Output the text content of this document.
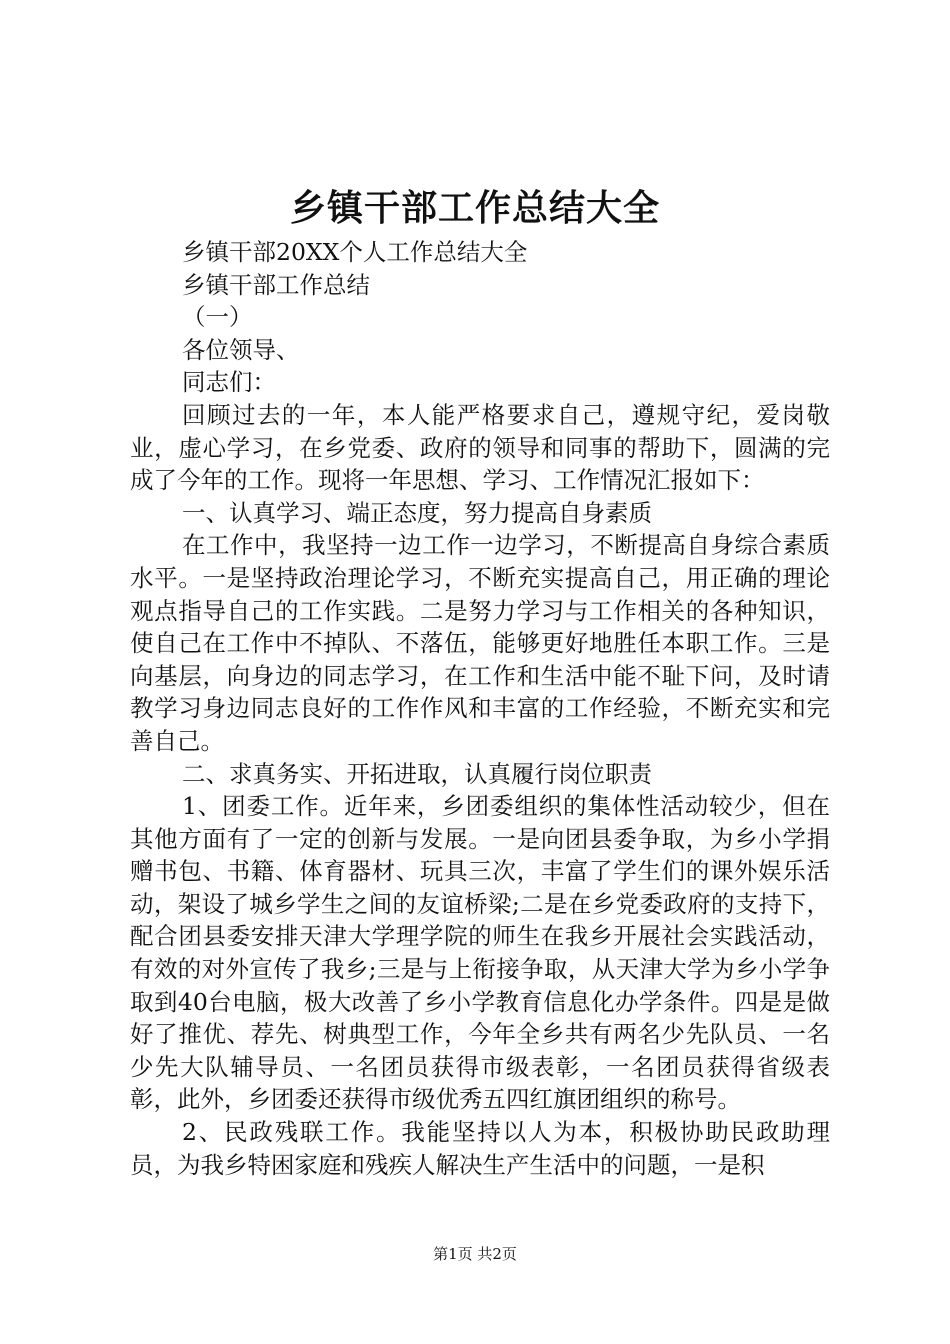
乡镇干部工作总结大全
乡镇干部20XX个人工作总结大全
乡镇干部工作总结
（一）
各位领导、
同志们：

回顾过去的一年，本人能严格要求自己，遵规守纪，爱岗敬业，虚心学习，在乡党委、政府的领导和同事的帮助下，圆满的完成了今年的工作。现将一年思想、学习、工作情况汇报如下：

一、认真学习、端正态度，努力提高自身素质

在工作中，我坚持一边工作一边学习，不断提高自身综合素质水平。一是坚持政治理论学习，不断充实提高自己，用正确的理论观点指导自己的工作实践。二是努力学习与工作相关的各种知识，使自己在工作中不掉队、不落伍，能够更好地胜任本职工作。三是向基层，向身边的同志学习，在工作和生活中能不耻下问，及时请教学习身边同志良好的工作作风和丰富的工作经验，不断充实和完善自己。

二、求真务实、开拓进取，认真履行岗位职责

1、团委工作。近年来，乡团委组织的集体性活动较少，但在其他方面有了一定的创新与发展。一是向团县委争取，为乡小学捐赠书包、书籍、体育器材、玩具三次，丰富了学生们的课外娱乐活动，架设了城乡学生之间的友谊桥梁;二是在乡党委政府的支持下，配合团县委安排天津大学理学院的师生在我乡开展社会实践活动，有效的对外宣传了我乡;三是与上衔接争取，从天津大学为乡小学争取到40台电脑，极大改善了乡小学教育信息化办学条件。四是是做好了推优、荐先、树典型工作，今年全乡共有两名少先队员、一名少先大队辅导员、一名团员获得市级表彰，一名团员获得省级表彰，此外，乡团委还获得市级优秀五四红旗团组织的称号。

2、民政残联工作。我能坚持以人为本，积极协助民政助理员，为我乡特困家庭和残疾人解决生产生活中的问题，一是积

第1页 共2页
